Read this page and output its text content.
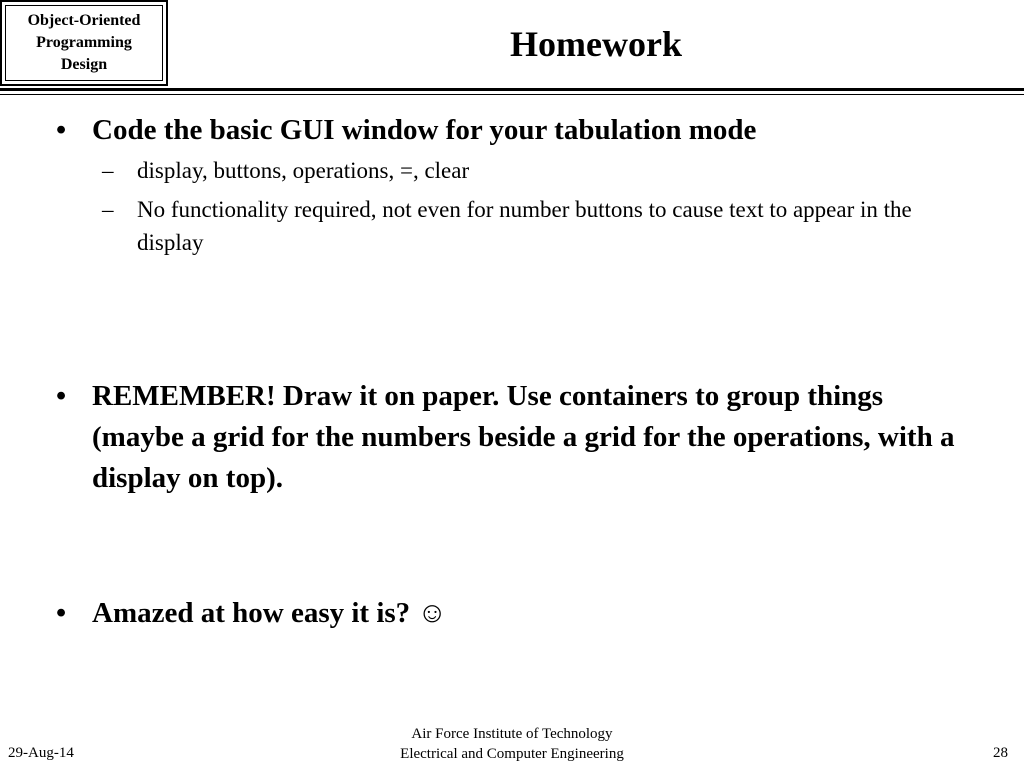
Object-Oriented
Programming
Design
Homework
• Code the basic GUI window for your tabulation mode
– display, buttons, operations, =, clear
– No functionality required, not even for number buttons to cause text to appear in the display
• REMEMBER! Draw it on paper. Use containers to group things (maybe a grid for the numbers beside a grid for the operations, with a display on top).
• Amazed at how easy it is? ☺
29-Aug-14
Air Force Institute of Technology
Electrical and Computer Engineering	28
